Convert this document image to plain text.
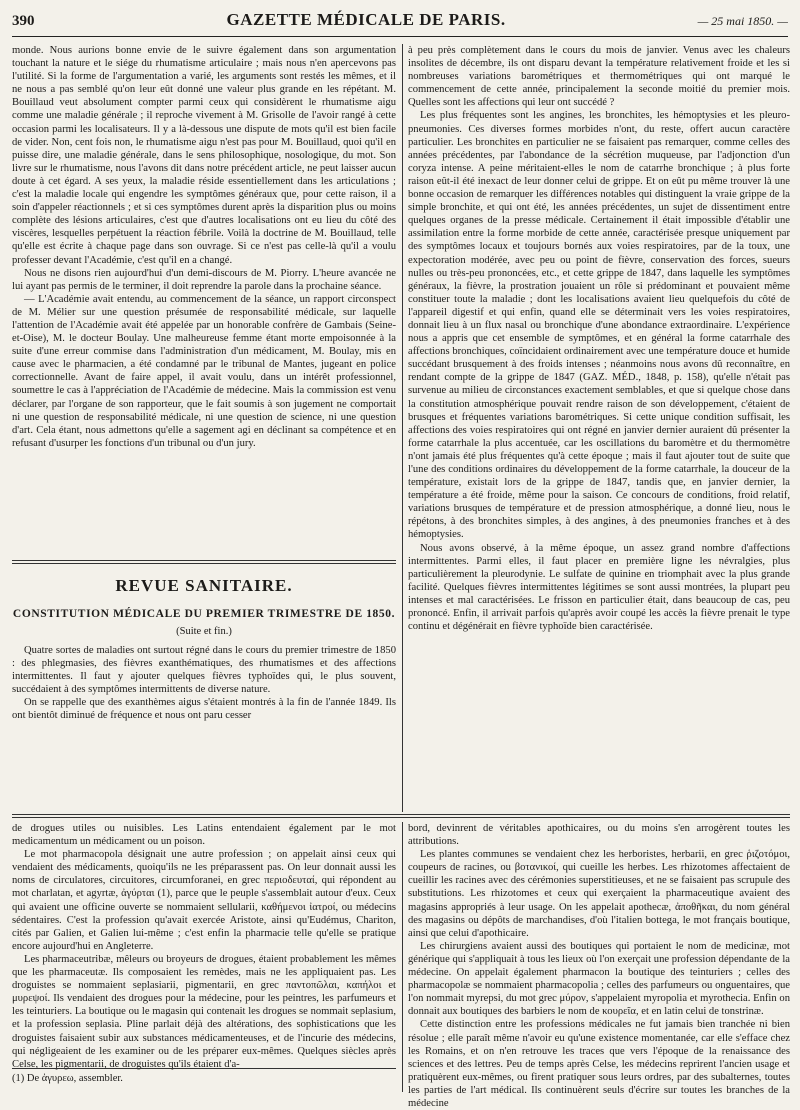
390	GAZETTE MÉDICALE DE PARIS.	— 25 mai 1850. —

monde. Nous aurions bonne envie de le suivre également dans son argumentation touchant la nature et le siége du rhumatisme articulaire ; mais nous n'en apercevons pas l'utilité. Si la forme de l'argumentation a varié, les arguments sont restés les mêmes, et il ne nous a pas semblé qu'on leur eût donné une valeur plus grande en les répétant. M. Bouillaud veut absolument compter parmi ceux qui considèrent le rhumatisme aigu comme une maladie générale ; il reproche vivement à M. Grisolle de l'avoir rangé à cette occasion parmi les localisateurs. Il y a là-dessous une dispute de mots qu'il est bien facile de vider. Non, cent fois non, le rhumatisme aigu n'est pas pour M. Bouillaud, quoi qu'il en puisse dire, une maladie générale, dans le sens philosophique, nosologique, du mot. Son livre sur le rhumatisme, nous l'avons dit dans notre précédent article, ne peut laisser aucun doute à cet égard. A ses yeux, la maladie réside essentiellement dans les articulations ; c'est la maladie locale qui engendre les symptômes généraux que, pour cette raison, il a soin d'appeler réactionnels ; et si ces symptômes durent après la disparition plus ou moins complète des lésions articulaires, c'est que d'autres localisations ont eu lieu du côté des viscères, lesquelles perpétuent la réaction fébrile. Voilà la doctrine de M. Bouillaud, telle qu'elle est écrite à chaque page dans son ouvrage. Si ce n'est pas celle-là qu'il a voulu professer devant l'Académie, c'est qu'il en a changé.

Nous ne disons rien aujourd'hui d'un demi-discours de M. Piorry. L'heure avancée ne lui ayant pas permis de le terminer, il doit reprendre la parole dans la prochaine séance.

— L'Académie avait entendu, au commencement de la séance, un rapport circonspect de M. Mélier sur une question présumée de responsabilité médicale, sur laquelle l'attention de l'Académie avait été appelée par un honorable confrère de Gambais (Seine-et-Oise), M. le docteur Boulay. Une malheureuse femme étant morte empoisonnée à la suite d'une erreur commise dans l'administration d'un médicament, M. Boulay, mis en cause avec le pharmacien, a été condamné par le tribunal de Mantes, jugeant en police correctionnelle. Avant de faire appel, il avait voulu, dans un intérêt professionnel, soumettre le cas à l'appréciation de l'Académie de médecine. Mais la commission est venu déclarer, par l'organe de son rapporteur, que le fait soumis à son jugement ne comportait ni une question de responsabilité médicale, ni une question de science, ni une question d'art. Cela étant, nous admettons qu'elle a sagement agi en déclinant sa compétence et en refusant d'usurper les fonctions d'un tribunal ou d'un jury.

REVUE SANITAIRE.
CONSTITUTION MÉDICALE DU PREMIER TRIMESTRE DE 1850.
(Suite et fin.)

Quatre sortes de maladies ont surtout régné dans le cours du premier trimestre de 1850 : des phlegmasies, des fièvres exanthématiques, des rhumatismes et des affections intermittentes. Il faut y ajouter quelques fièvres typhoïdes qui, le plus souvent, succédaient à des symptômes intermittents de diverse nature.

On se rappelle que des exanthèmes aigus s'étaient montrés à la fin de l'année 1849. Ils ont bientôt diminué de fréquence et nous ont paru cesser

à peu près complètement dans le cours du mois de janvier. Venus avec les chaleurs insolites de décembre, ils ont disparu devant la température relativement froide et les si nombreuses variations barométriques et thermométriques qui ont marqué le commencement de cette année, principalement la seconde moitié du premier mois. Quelles sont les affections qui leur ont succédé ?

Les plus fréquentes sont les angines, les bronchites, les hémoptysies et les pleuro-pneumonies. Ces diverses formes morbides n'ont, du reste, offert aucun caractère particulier. Les bronchites en particulier ne se faisaient pas remarquer, comme celles des années précédentes, par l'abondance de la sécrétion muqueuse, par l'adjonction d'un coryza intense. A peine méritaient-elles le nom de catarrhe bronchique ; à plus forte raison eût-il été inexact de leur donner celui de grippe. Et on eût pu même trouver là une bonne occasion de remarquer les différences notables qui distinguent la vraie grippe de la simple bronchite, et qui ont été, les années précédentes, un sujet de dissentiment entre quelques organes de la presse médicale. Certainement il était impossible d'établir une assimilation entre la forme morbide de cette année, caractérisée presque uniquement par des symptômes locaux et toujours bornés aux voies respiratoires, par de la toux, une expectoration modérée, avec peu ou point de fièvre, conservation des forces, sueurs nulles ou très-peu prononcées, etc., et cette grippe de 1847, dans laquelle les symptômes généraux, la fièvre, la prostration jouaient un rôle si prédominant et pouvaient même constituer toute la maladie ; dont les localisations avaient lieu quelquefois du côté de l'appareil digestif et qui enfin, quand elle se déterminait vers les voies respiratoires, donnait lieu à un flux nasal ou bronchique d'une abondance extraordinaire. L'expérience nous a appris que cet ensemble de symptômes, et en général la forme catarrhale des affections bronchiques, coïncidaient ordinairement avec une température douce et humide succédant brusquement à des froids intenses ; néanmoins nous avons dû reconnaître, en rendant compte de la grippe de 1847 (GAZ. MÉD., 1848, p. 158), qu'elle n'était pas survenue au milieu de circonstances exactement semblables, et que si quelque chose dans la constitution atmosphérique pouvait rendre raison de son développement, c'étaient de brusques et fréquentes variations barométriques. Si cette unique condition suffisait, les affections des voies respiratoires qui ont régné en janvier dernier auraient dû présenter la forme catarrhale la plus accentuée, car les oscillations du baromètre et du thermomètre n'ont jamais été plus fréquentes qu'à cette époque ; mais il faut ajouter tout de suite que l'une des conditions ordinaires du développement de la forme catarrhale, la douceur de la température, existait lors de la grippe de 1847, tandis que, en janvier dernier, la température a été froide, même pour la saison. Ce concours de conditions, froid relatif, variations brusques de température et de pression atmosphérique, a donné lieu, nous le répétons, à des bronchites simples, à des angines, à des pneumonies franches et à des hémoptysies.

Nous avons observé, à la même époque, un assez grand nombre d'affections intermittentes. Parmi elles, il faut placer en première ligne les névralgies, plus particulièrement la pleurodynie. Le sulfate de quinine en triomphait avec la plus grande facilité. Quelques fièvres intermittentes légitimes se sont aussi montrées, la plupart peu intenses et mal caractérisées. Le frisson en particulier était, dans beaucoup de cas, peu prononcé. Enfin, il arrivait parfois qu'après avoir coupé les accès la fièvre prenait le type continu et dégénérait en fièvre typhoïde bien caractérisée.

de drogues utiles ou nuisibles. Les Latins entendaient également par le mot medicamentum un médicament ou un poison.

Le mot pharmacopola désignait une autre profession ; on appelait ainsi ceux qui vendaient des médicaments, quoiqu'ils ne les préparassent pas. On leur donnait aussi les noms de circulatores, circuitores, circumforanei, en grec περιοδευταί, qui répondent au mot charlatan, et agyrtæ, ἀγύρται (1), parce que le peuple s'assemblait autour d'eux. Ceux qui avaient une officine ouverte se nommaient sellularii, καθήμενοι ἰατροί, ou médecins sédentaires. C'est la profession qu'avait exercée Aristote, ainsi qu'Eudémus, Chariton, cités par Galien, et Galien lui-même ; c'est enfin la pharmacie telle qu'elle se pratique encore aujourd'hui en Angleterre.

Les pharmaceutribæ, mêleurs ou broyeurs de drogues, étaient probablement les mêmes que les pharmaceutæ. Ils composaient les remèdes, mais ne les appliquaient pas. Les droguistes se nommaient seplasiarii, pigmentarii, en grec παντοπῶλαι, καπήλοι et μυρεψοί. Ils vendaient des drogues pour la médecine, pour les peintres, les parfumeurs et les teinturiers. La boutique ou le magasin qui contenait les drogues se nommait seplasium, et la profession seplasia. Pline parlait déjà des altérations, des sophistications que les droguistes faisaient subir aux substances médicamenteuses, et de l'incurie des médecins, qui négligeaient de les examiner ou de les préparer eux-mêmes. Quelques siècles après Celse, les pigmentarii, de droguistes qu'ils étaient d'a-

bord, devinrent de véritables apothicaires, ou du moins s'en arrogèrent toutes les attributions.

Les plantes communes se vendaient chez les herboristes, herbarii, en grec ῥιζοτόμοι, coupeurs de racines, ou βοτανικοί, qui cueille les herbes. Les rhizotomes affectaient de cueillir les racines avec des cérémonies superstitieuses, et ne se faisaient pas scrupule des substitutions. Les rhizotomes et ceux qui exerçaient la pharmaceutique avaient des magasins appropriés à leur usage. On les appelait apothecæ, ἀποθῆκαι, du nom général des magasins ou dépôts de marchandises, d'où l'italien bottega, le mot français boutique, ainsi que celui d'apothicaire.

Les chirurgiens avaient aussi des boutiques qui portaient le nom de medicinæ, mot générique qui s'appliquait à tous les lieux où l'on exerçait une profession dépendante de la médecine. On appelait également pharmacon la boutique des teinturiers ; celles des pharmacopolæ se nommaient pharmacopolia ; celles des parfumeurs ou onguentaires, que l'on nommait myrepsi, du mot grec μύρον, s'appelaient myropolia et myrothecia. Enfin on donnait aux boutiques des barbiers le nom de κουρεῖα, et en latin celui de tonstrinæ.

Cette distinction entre les professions médicales ne fut jamais bien tranchée ni bien résolue ; elle paraît même n'avoir eu qu'une existence momentanée, car elle s'efface chez les Romains, et on n'en retrouve les traces que vers l'époque de la renaissance des sciences et des lettres. Peu de temps après Celse, les médecins reprirent l'ancien usage et pratiquèrent eux-mêmes, ou firent pratiquer sous leurs ordres, par des subalternes, toutes les parties de l'art médical. Ils continuèrent seuls d'écrire sur toutes les branches de la médecine

(1) De ἀγυρεω, assembler.
